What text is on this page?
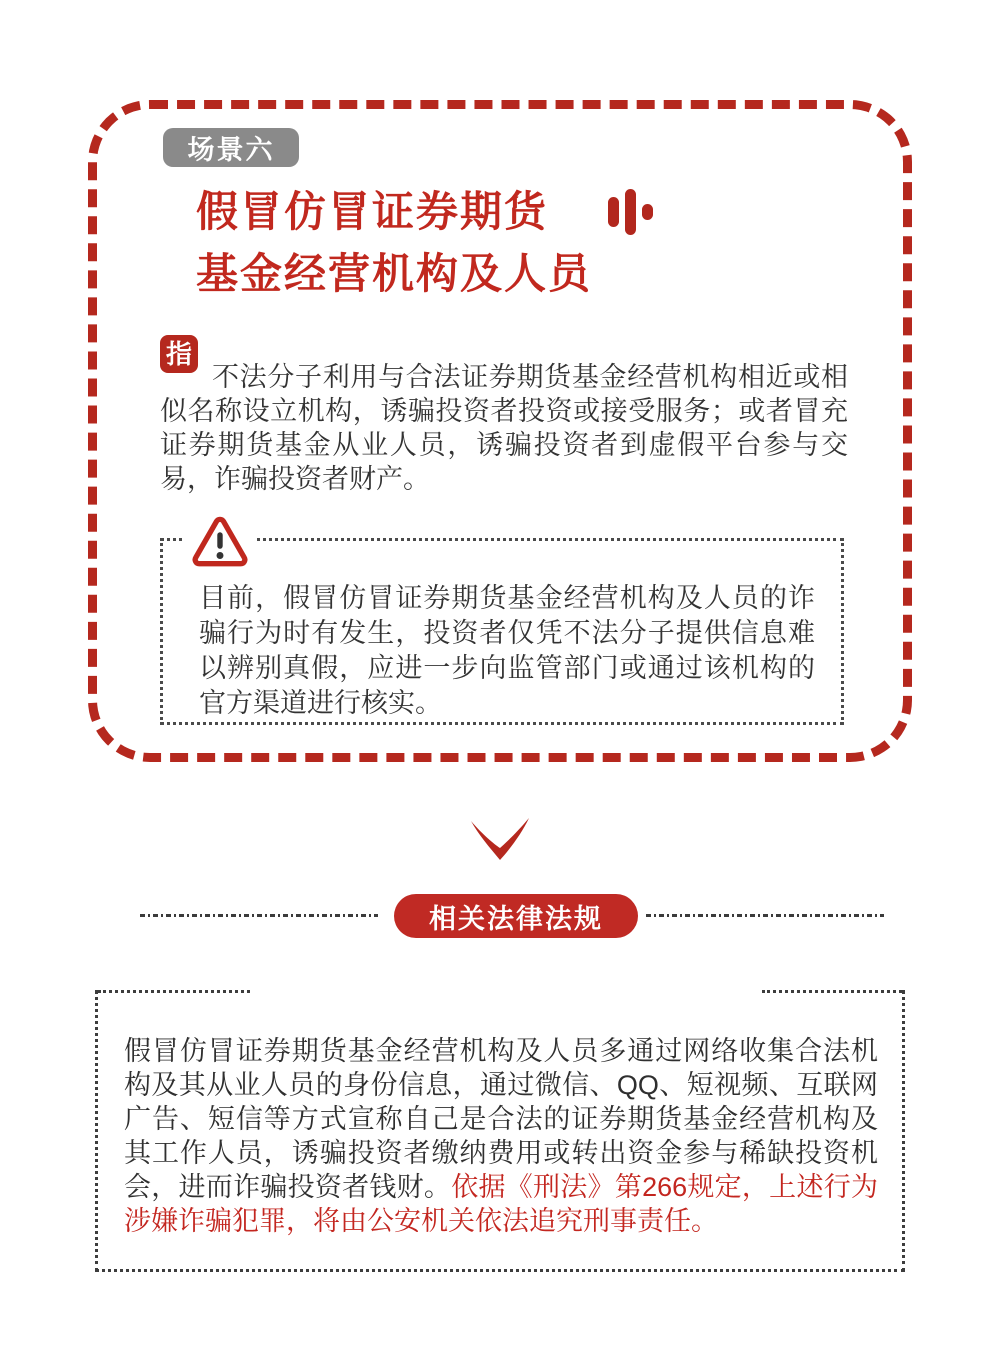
场景六
假冒仿冒证券期货
基金经营机构及人员
指
不法分子利用与合法证券期货基金经营机构相近或相似名称设立机构，诱骗投资者投资或接受服务；或者冒充证券期货基金从业人员，诱骗投资者到虚假平台参与交易，诈骗投资者财产。
目前，假冒仿冒证券期货基金经营机构及人员的诈骗行为时有发生，投资者仅凭不法分子提供信息难以辨别真假，应进一步向监管部门或通过该机构的官方渠道进行核实。
相关法律法规
假冒仿冒证券期货基金经营机构及人员多通过网络收集合法机构及其从业人员的身份信息，通过微信、QQ、短视频、互联网广告、短信等方式宣称自己是合法的证券期货基金经营机构及其工作人员，诱骗投资者缴纳费用或转出资金参与稀缺投资机会，进而诈骗投资者钱财。依据《刑法》第266规定，上述行为涉嫌诈骗犯罪，将由公安机关依法追究刑事责任。
